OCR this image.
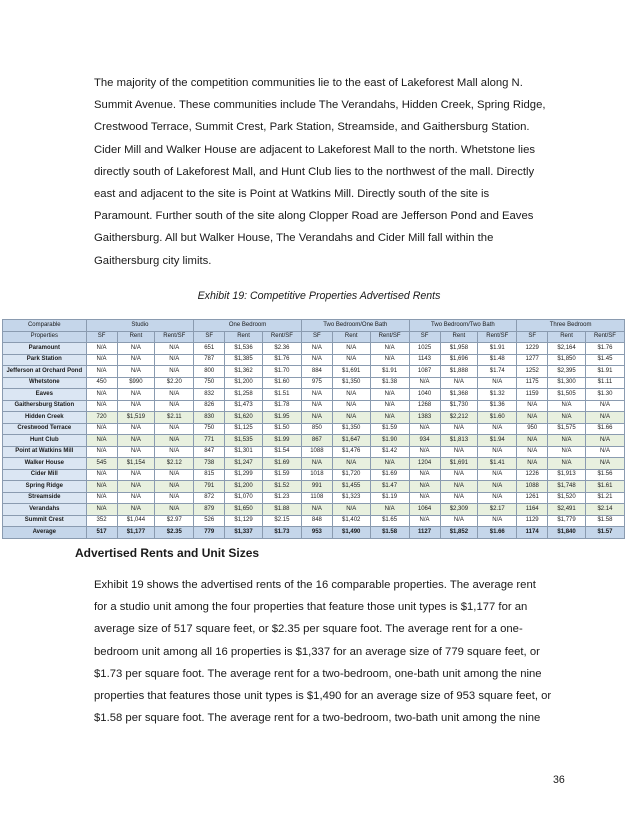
The majority of the competition communities lie to the east of Lakeforest Mall along N.
Summit Avenue. These communities include The Verandahs, Hidden Creek, Spring Ridge,
Crestwood Terrace, Summit Crest, Park Station, Streamside, and Gaithersburg Station.
Cider Mill and Walker House are adjacent to Lakeforest Mall to the north. Whetstone lies
directly south of Lakeforest Mall, and Hunt Club lies to the northwest of the mall. Directly
east and adjacent to the site is Point at Watkins Mill. Directly south of the site is
Paramount. Further south of the site along Clopper Road are Jefferson Pond and Eaves
Gaithersburg. All but Walker House, The Verandahs and Cider Mill fall within the
Gaithersburg city limits.
Exhibit 19: Competitive Properties Advertised Rents
Comparable	Studio			One Bedroom			Two Bedroom/One Bath			Two Bedroom/Two Bath			Three Bedroom		
Properties	SF	Rent	Rent/SF	SF	Rent	Rent/SF	SF	Rent	Rent/SF	SF	Rent	Rent/SF	SF	Rent	Rent/SF
Paramount	N/A	N/A	N/A	651	$1,536	$2.36	N/A	N/A	N/A	1025	$1,958	$1.91	1229	$2,164	$1.76
Park Station	N/A	N/A	N/A	787	$1,385	$1.76	N/A	N/A	N/A	1143	$1,696	$1.48	1277	$1,850	$1.45
Jefferson at Orchard Pond	N/A	N/A	N/A	800	$1,362	$1.70	884	$1,691	$1.91	1087	$1,888	$1.74	1252	$2,395	$1.91
Whetstone	450	$990	$2.20	750	$1,200	$1.60	975	$1,350	$1.38	N/A	N/A	N/A	1175	$1,300	$1.11
Eaves	N/A	N/A	N/A	832	$1,258	$1.51	N/A	N/A	N/A	1040	$1,368	$1.32	1159	$1,505	$1.30
Gaithersburg Station	N/A	N/A	N/A	826	$1,473	$1.78	N/A	N/A	N/A	1268	$1,730	$1.36	N/A	N/A	N/A
Hidden Creek	720	$1,519	$2.11	830	$1,620	$1.95	N/A	N/A	N/A	1383	$2,212	$1.60	N/A	N/A	N/A
Crestwood Terrace	N/A	N/A	N/A	750	$1,125	$1.50	850	$1,350	$1.59	N/A	N/A	N/A	950	$1,575	$1.66
Hunt Club	N/A	N/A	N/A	771	$1,535	$1.99	867	$1,647	$1.90	934	$1,813	$1.94	N/A	N/A	N/A
Point at Watkins Mill	N/A	N/A	N/A	847	$1,301	$1.54	1088	$1,476	$1.42	N/A	N/A	N/A	N/A	N/A	N/A
Walker House	545	$1,154	$2.12	738	$1,247	$1.69	N/A	N/A	N/A	1204	$1,691	$1.41	N/A	N/A	N/A
Cider Mill	N/A	N/A	N/A	815	$1,299	$1.59	1018	$1,720	$1.69	N/A	N/A	N/A	1226	$1,913	$1.56
Spring Ridge	N/A	N/A	N/A	791	$1,200	$1.52	991	$1,455	$1.47	N/A	N/A	N/A	1088	$1,748	$1.61
Streamside	N/A	N/A	N/A	872	$1,070	$1.23	1108	$1,323	$1.19	N/A	N/A	N/A	1261	$1,520	$1.21
Verandahs	N/A	N/A	N/A	879	$1,650	$1.88	N/A	N/A	N/A	1064	$2,309	$2.17	1164	$2,491	$2.14
Summit Crest	352	$1,044	$2.97	526	$1,129	$2.15	848	$1,402	$1.65	N/A	N/A	N/A	1129	$1,779	$1.58
Average	517	$1,177	$2.35	779	$1,337	$1.73	953	$1,490	$1.58	1127	$1,852	$1.66	1174	$1,840	$1.57
Advertised Rents and Unit Sizes
Exhibit 19 shows the advertised rents of the 16 comparable properties. The average rent
for a studio unit among the four properties that feature those unit types is $1,177 for an
average size of 517 square feet, or $2.35 per square foot. The average rent for a one-
bedroom unit among all 16 properties is $1,337 for an average size of 779 square feet, or
$1.73 per square foot. The average rent for a two-bedroom, one-bath unit among the nine
properties that features those unit types is $1,490 for an average size of 953 square feet, or
$1.58 per square foot. The average rent for a two-bedroom, two-bath unit among the nine
36
